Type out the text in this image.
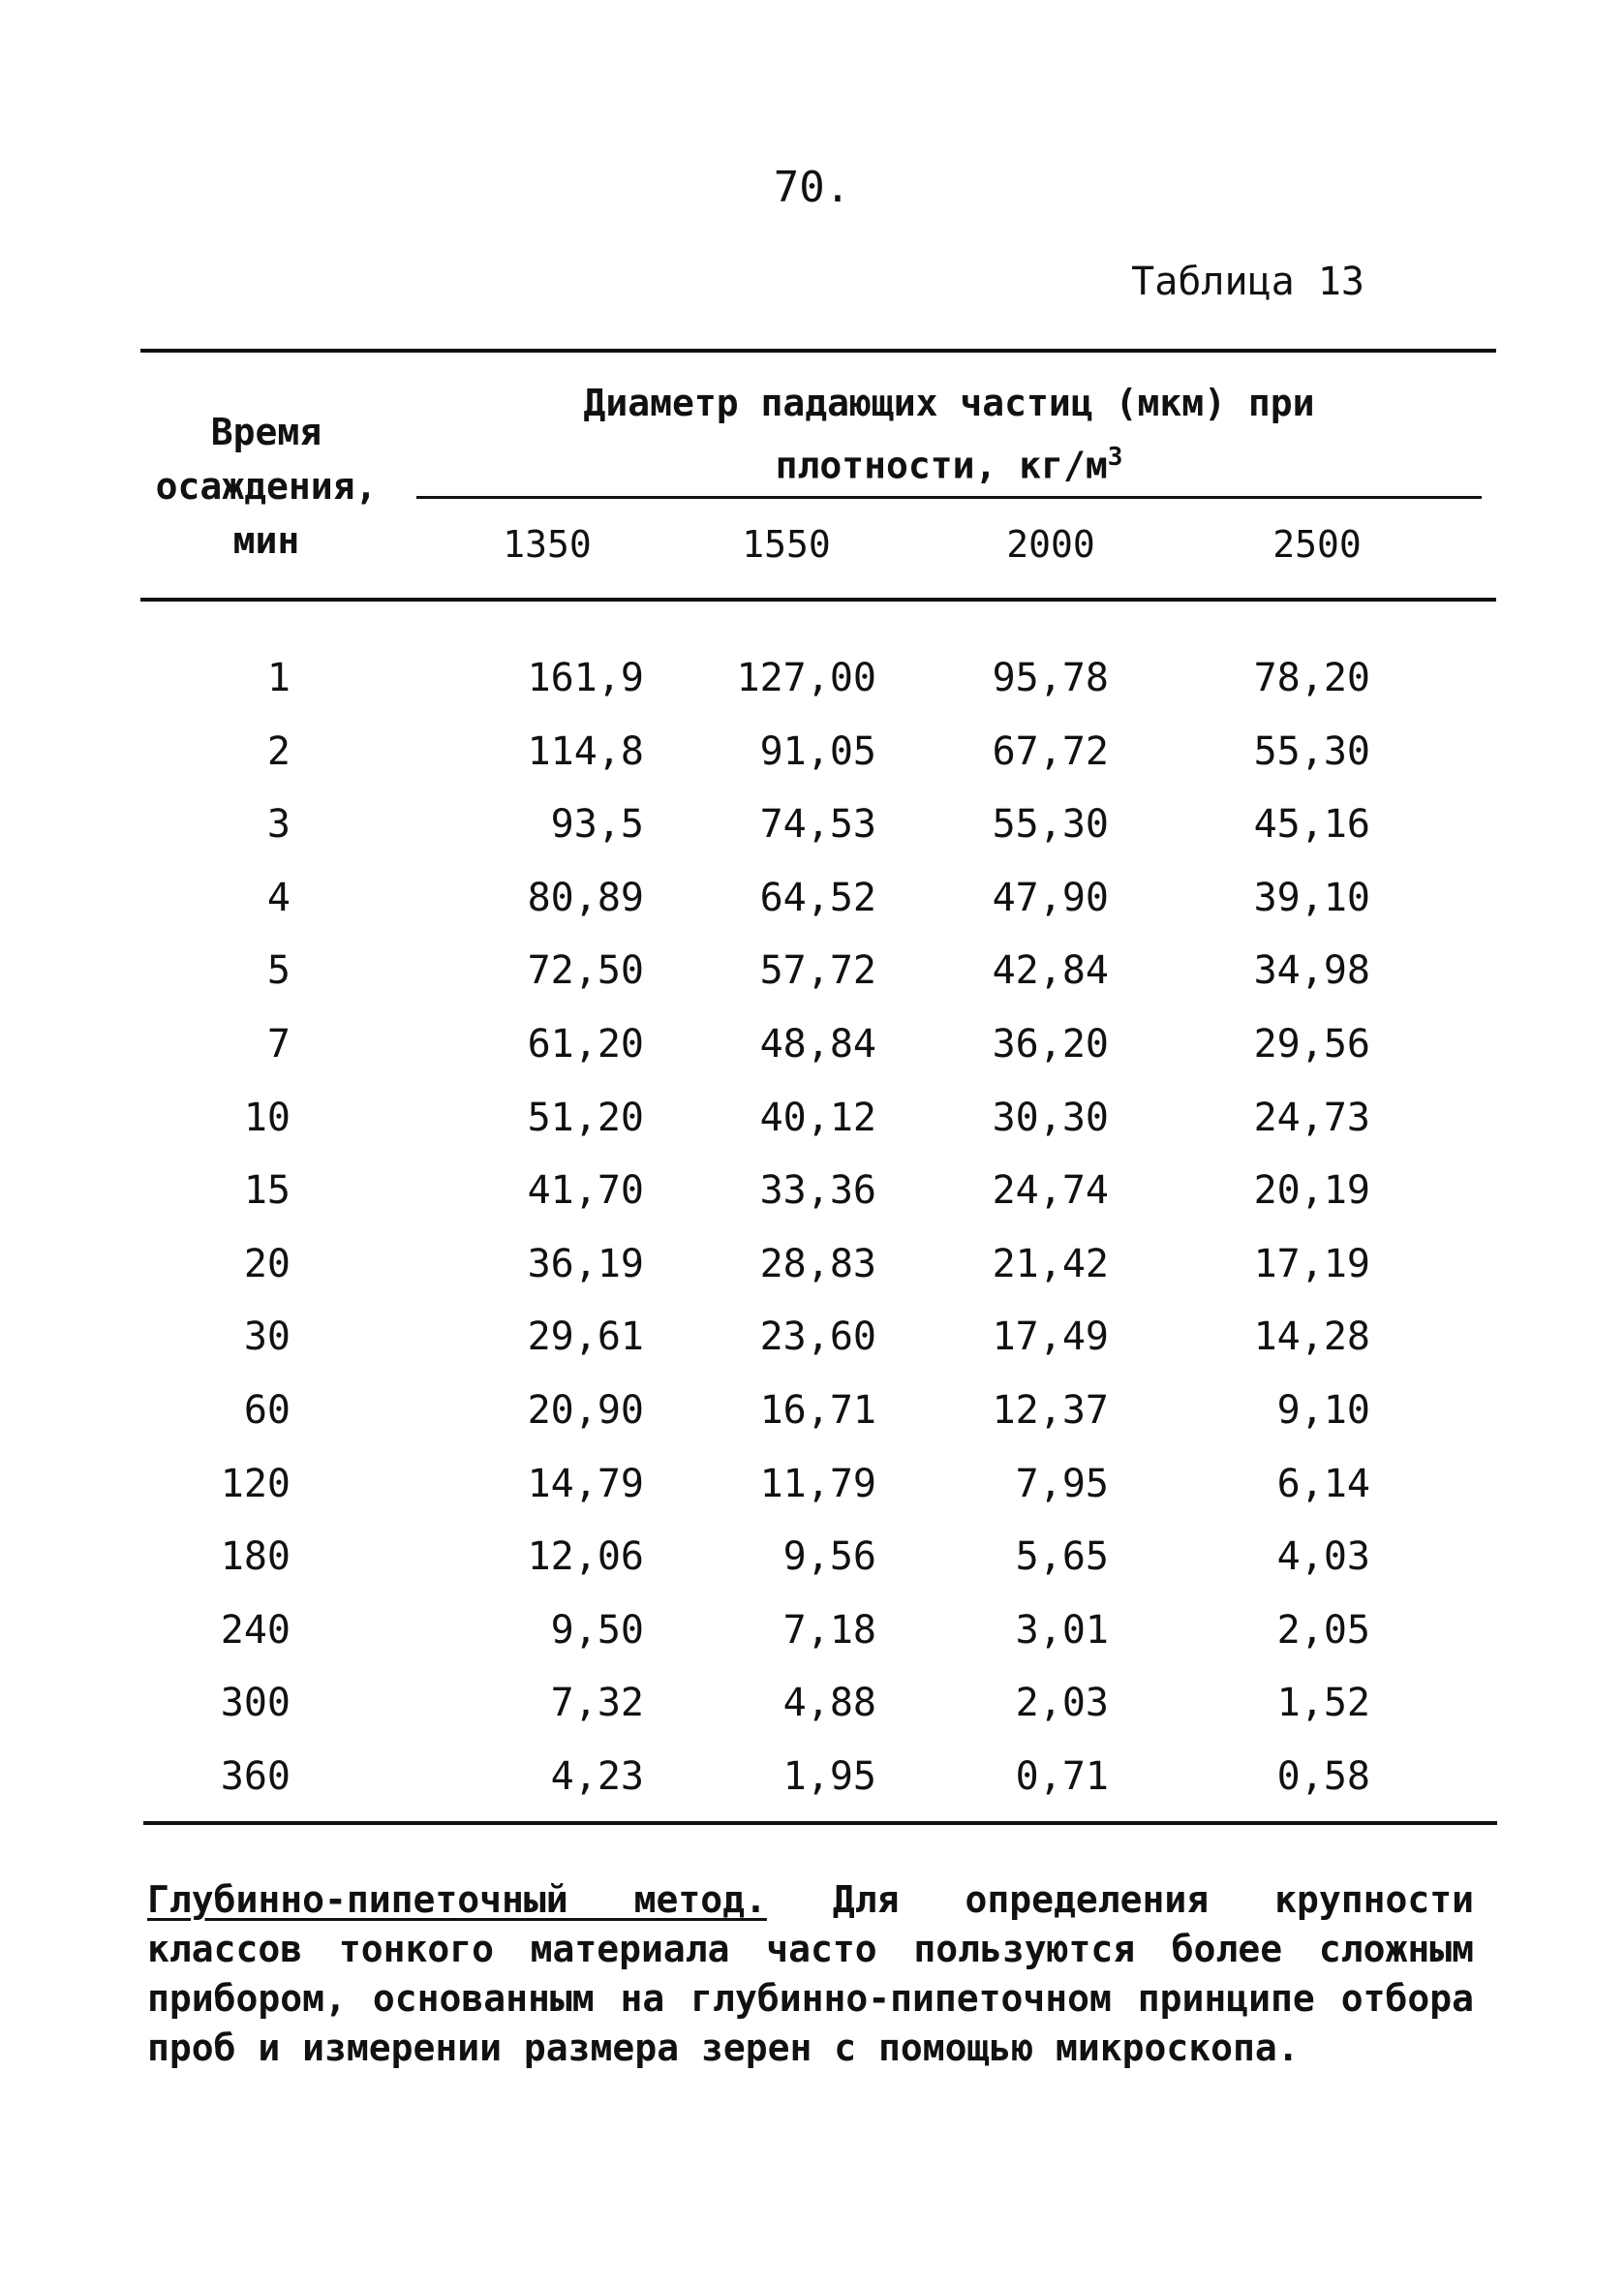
70.
Таблица 13
Время
осаждения,
мин
Диаметр падающих частиц (мкм) при
плотности, $кг/м^3$
1350	1550	2000	2500
1	161,9	127,00	95,78	78,20
2	114,8	91,05	67,72	55,30
3	93,5	74,53	55,30	45,16
4	80,89	64,52	47,90	39,10
5	72,50	57,72	42,84	34,98
7	61,20	48,84	36,20	29,56
10	51,20	40,12	30,30	24,73
15	41,70	33,36	24,74	20,19
20	36,19	28,83	21,42	17,19
30	29,61	23,60	17,49	14,28
60	20,90	16,71	12,37	9,10
120	14,79	11,79	7,95	6,14
180	12,06	9,56	5,65	4,03
240	9,50	7,18	3,01	2,05
300	7,32	4,88	2,03	1,52
360	4,23	1,95	0,71	0,58
Глубинно-пипеточный метод. Для определения крупности классов тонкого материала часто пользуются более сложным прибором, основанным на глубинно-пипеточном принципе отбора проб и измерении размера зерен с помощью микроскопа.
